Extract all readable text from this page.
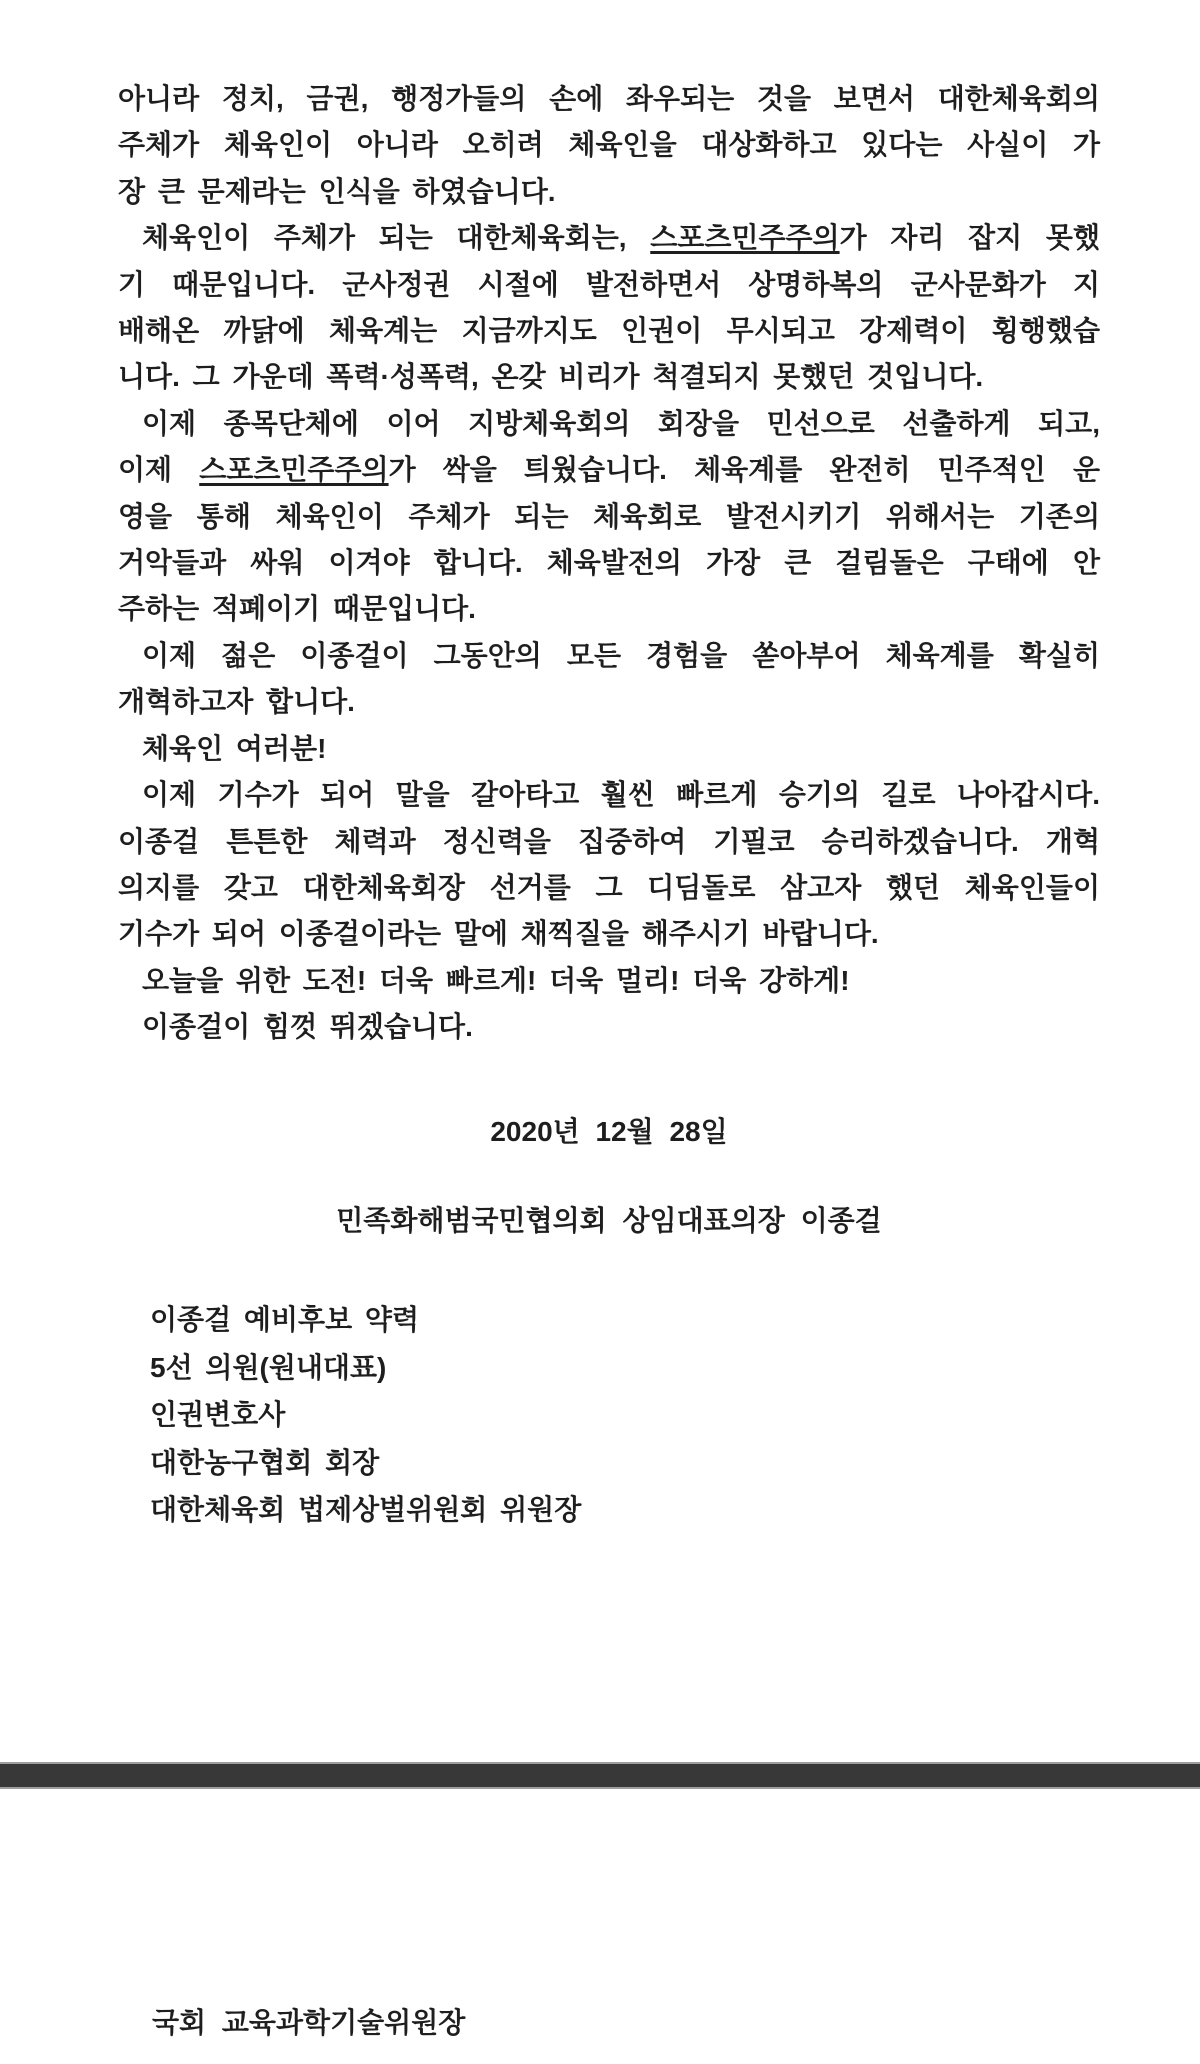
아니라 정치, 금권, 행정가들의 손에 좌우되는 것을 보면서 대한체육회의
주체가 체육인이 아니라 오히려 체육인을 대상화하고 있다는 사실이 가
장 큰 문제라는 인식을 하였습니다.
체육인이 주체가 되는 대한체육회는, 스포츠민주주의가 자리 잡지 못했
기 때문입니다. 군사정권 시절에 발전하면서 상명하복의 군사문화가 지
배해온 까닭에 체육계는 지금까지도 인권이 무시되고 강제력이 횡행했습
니다. 그 가운데 폭력·성폭력, 온갖 비리가 척결되지 못했던 것입니다.
이제 종목단체에 이어 지방체육회의 회장을 민선으로 선출하게 되고,
이제 스포츠민주주의가 싹을 틔웠습니다. 체육계를 완전히 민주적인 운
영을 통해 체육인이 주체가 되는 체육회로 발전시키기 위해서는 기존의
거악들과 싸워 이겨야 합니다. 체육발전의 가장 큰 걸림돌은 구태에 안
주하는 적폐이기 때문입니다.
이제 젊은 이종걸이 그동안의 모든 경험을 쏟아부어 체육계를 확실히
개혁하고자 합니다.
체육인 여러분!
이제 기수가 되어 말을 갈아타고 훨씬 빠르게 승기의 길로 나아갑시다.
이종걸 튼튼한 체력과 정신력을 집중하여 기필코 승리하겠습니다. 개혁
의지를 갖고 대한체육회장 선거를 그 디딤돌로 삼고자 했던 체육인들이
기수가 되어 이종걸이라는 말에 채찍질을 해주시기 바랍니다.
오늘을 위한 도전! 더욱 빠르게! 더욱 멀리! 더욱 강하게!
이종걸이 힘껏 뛰겠습니다.
2020년 12월 28일
민족화해범국민협의회 상임대표의장 이종걸
이종걸 예비후보 약력
5선 의원(원내대표)
인권변호사
대한농구협회 회장
대한체육회 법제상벌위원회 위원장
국회 교육과학기술위원장
